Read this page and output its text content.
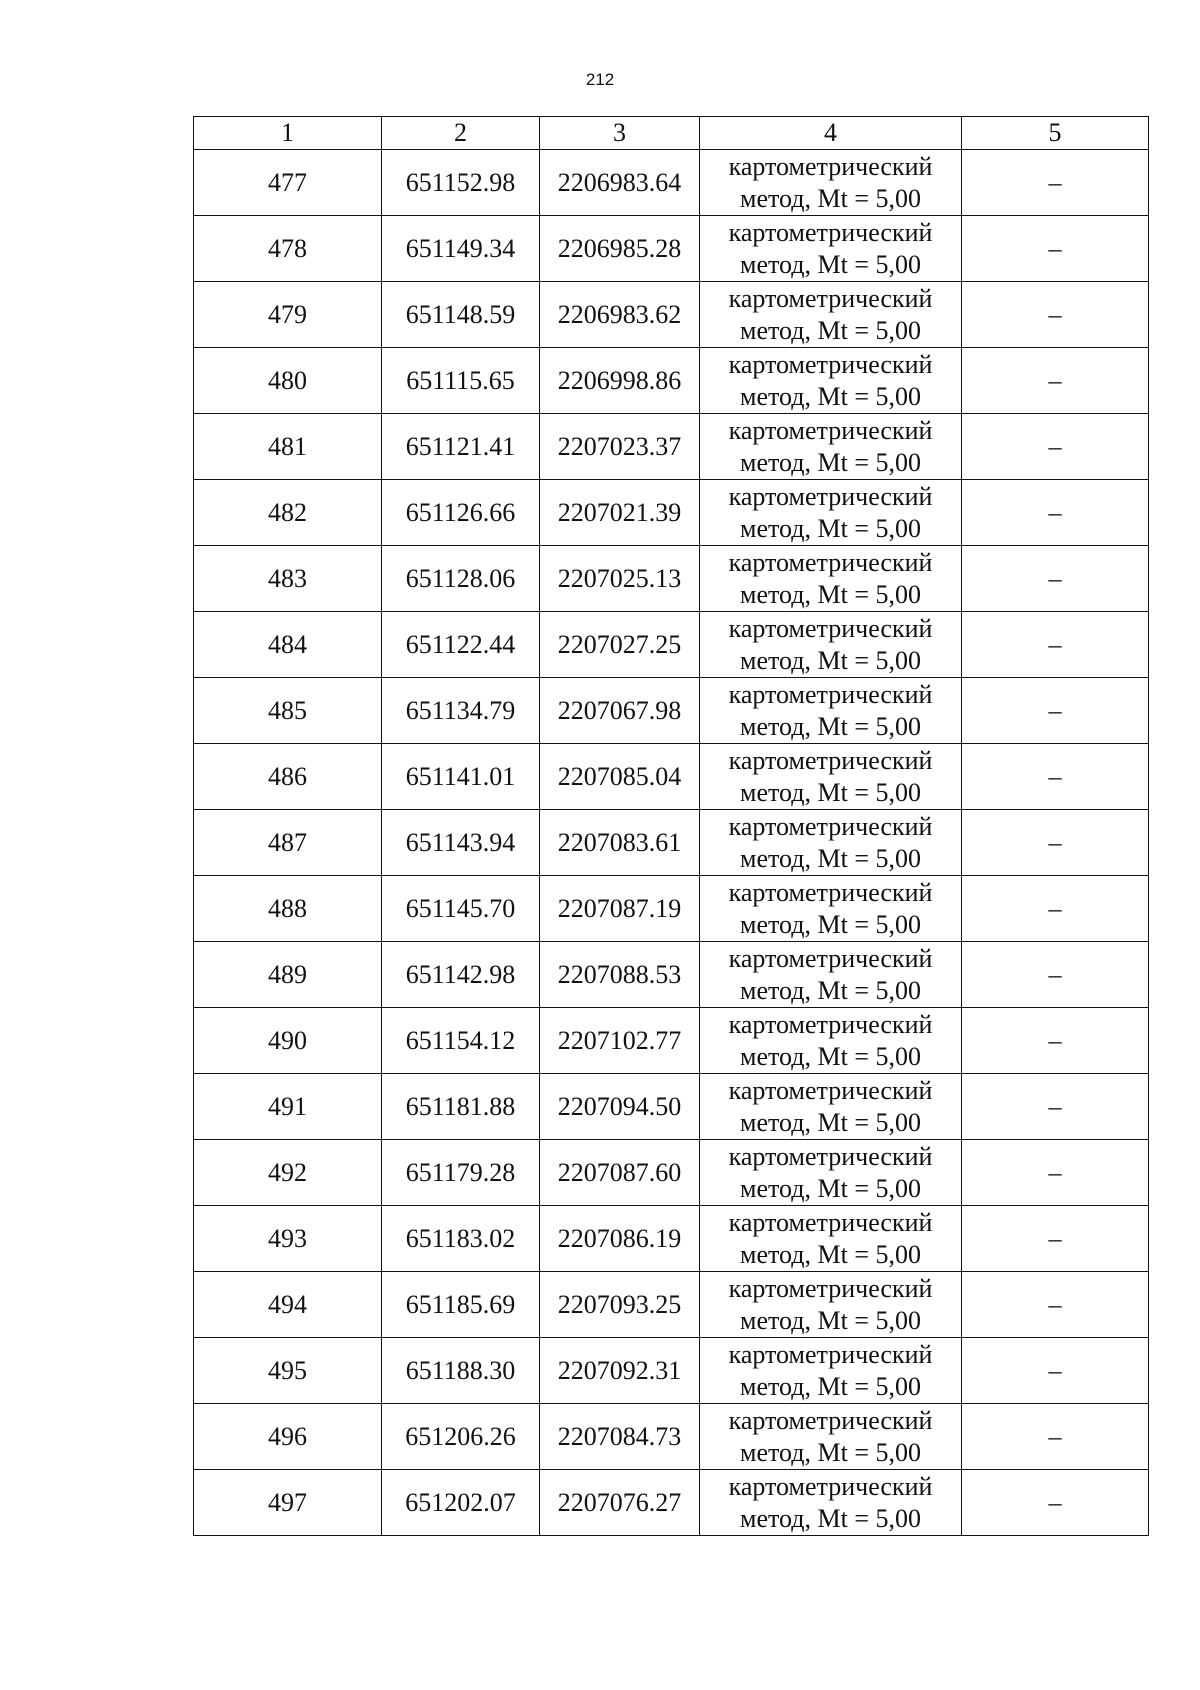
212
1	2	3	4	5
477	651152.98	2206983.64	картометрический
метод, Mt = 5,00	–
478	651149.34	2206985.28	картометрический
метод, Mt = 5,00	–
479	651148.59	2206983.62	картометрический
метод, Mt = 5,00	–
480	651115.65	2206998.86	картометрический
метод, Mt = 5,00	–
481	651121.41	2207023.37	картометрический
метод, Mt = 5,00	–
482	651126.66	2207021.39	картометрический
метод, Mt = 5,00	–
483	651128.06	2207025.13	картометрический
метод, Mt = 5,00	–
484	651122.44	2207027.25	картометрический
метод, Mt = 5,00	–
485	651134.79	2207067.98	картометрический
метод, Mt = 5,00	–
486	651141.01	2207085.04	картометрический
метод, Mt = 5,00	–
487	651143.94	2207083.61	картометрический
метод, Mt = 5,00	–
488	651145.70	2207087.19	картометрический
метод, Mt = 5,00	–
489	651142.98	2207088.53	картометрический
метод, Mt = 5,00	–
490	651154.12	2207102.77	картометрический
метод, Mt = 5,00	–
491	651181.88	2207094.50	картометрический
метод, Mt = 5,00	–
492	651179.28	2207087.60	картометрический
метод, Mt = 5,00	–
493	651183.02	2207086.19	картометрический
метод, Mt = 5,00	–
494	651185.69	2207093.25	картометрический
метод, Mt = 5,00	–
495	651188.30	2207092.31	картометрический
метод, Mt = 5,00	–
496	651206.26	2207084.73	картометрический
метод, Mt = 5,00	–
497	651202.07	2207076.27	картометрический
метод, Mt = 5,00	–
